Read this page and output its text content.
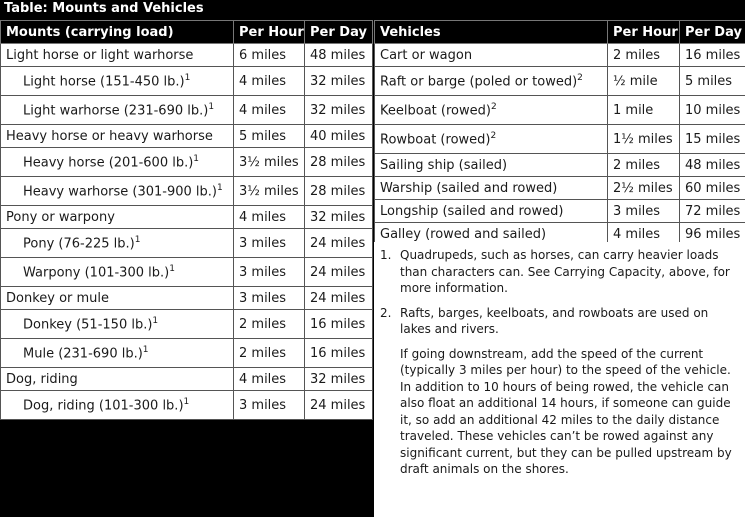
Table: Mounts and Vehicles
Mounts (carrying load)	Per Hour	Per Day
Light horse or light warhorse	6 miles	48 miles
Light horse (151-450 lb.)$^1$	4 miles	32 miles
Light warhorse (231-690 lb.)$^1$	4 miles	32 miles
Heavy horse or heavy warhorse	5 miles	40 miles
Heavy horse (201-600 lb.)$^1$	3½ miles	28 miles
Heavy warhorse (301-900 lb.)$^1$	3½ miles	28 miles
Pony or warpony	4 miles	32 miles
Pony (76-225 lb.)$^1$	3 miles	24 miles
Warpony (101-300 lb.)$^1$	3 miles	24 miles
Donkey or mule	3 miles	24 miles
Donkey (51-150 lb.)$^1$	2 miles	16 miles
Mule (231-690 lb.)$^1$	2 miles	16 miles
Dog, riding	4 miles	32 miles
Dog, riding (101-300 lb.)$^1$	3 miles	24 miles
Vehicles	Per Hour	Per Day
Cart or wagon	2 miles	16 miles
Raft or barge (poled or towed)$^2$	½ mile	5 miles
Keelboat (rowed)$^2$	1 mile	10 miles
Rowboat (rowed)$^2$	1½ miles	15 miles
Sailing ship (sailed)	2 miles	48 miles
Warship (sailed and rowed)	2½ miles	60 miles
Longship (sailed and rowed)	3 miles	72 miles
Galley (rowed and sailed)	4 miles	96 miles
1. Quadrupeds, such as horses, can carry heavier loads than characters can. See Carrying Capacity, above, for more information.
2. Rafts, barges, keelboats, and rowboats are used on lakes and rivers.
If going downstream, add the speed of the current (typically 3 miles per hour) to the speed of the vehicle. In addition to 10 hours of being rowed, the vehicle can also float an additional 14 hours, if someone can guide it, so add an additional 42 miles to the daily distance traveled. These vehicles can’t be rowed against any significant current, but they can be pulled upstream by draft animals on the shores.
